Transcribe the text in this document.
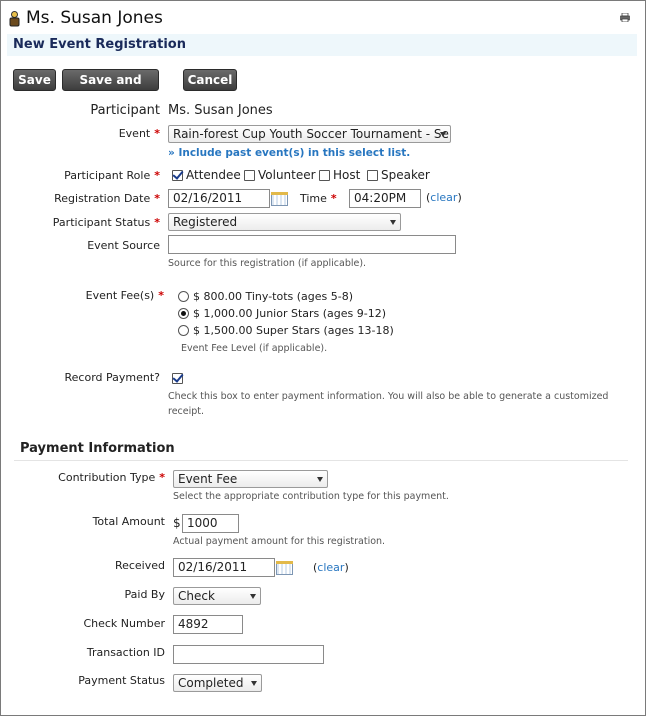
Ms. Susan Jones
New Event Registration
Save	Save and New
Cancel
Participant Ms. Susan Jones
Event *	Rain-forest Cup Youth Soccer Tournament - Se
» Include past event(s) in this select list.
Participant Role * Attendee Volunteer Host Speaker
Registration Date *	02/16/2011	Time *	04:20PM	(clear)
Participant Status *	Registered
Event Source
Source for this registration (if applicable).
Event Fee(s) *	$ 800.00 Tiny-tots (ages 5-8)
$ 1,000.00 Junior Stars (ages 9-12)
$ 1,500.00 Super Stars (ages 13-18)
Event Fee Level (if applicable).
Record Payment?
Check this box to enter payment information. You will also be able to generate a customized
receipt.
Payment Information
Contribution Type *	Event Fee
Select the appropriate contribution type for this payment.
Total Amount $ 1000
Actual payment amount for this registration.
Received	02/16/2011	(clear)
Paid By	Check
Check Number	4892
Transaction ID
Payment Status	Completed
